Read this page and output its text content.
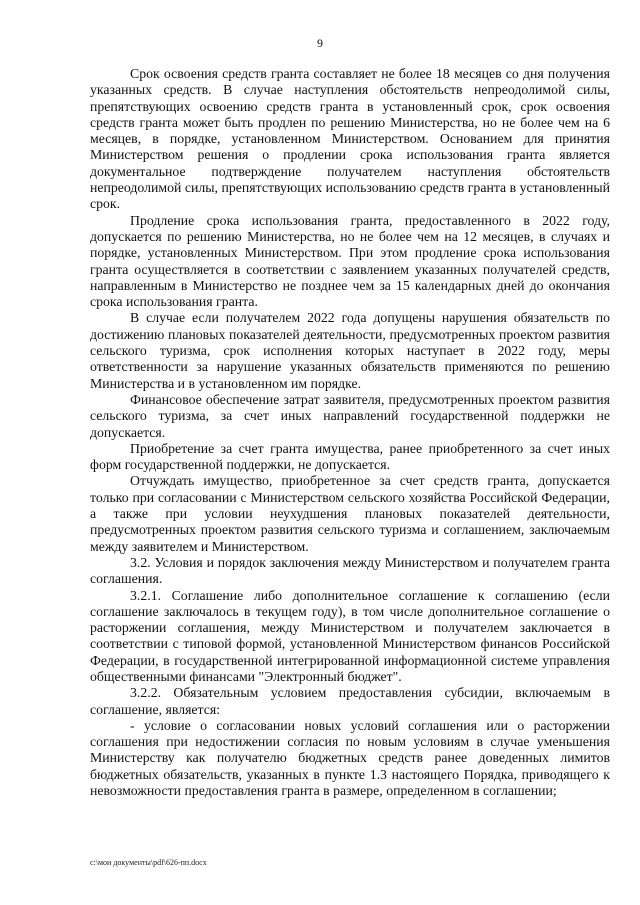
9

Срок освоения средств гранта составляет не более 18 месяцев со дня получения указанных средств. В случае наступления обстоятельств непреодолимой силы, препятствующих освоению средств гранта в установленный срок, срок освоения средств гранта может быть продлен по решению Министерства, но не более чем на 6 месяцев, в порядке, установленном Министерством. Основанием для принятия Министерством решения о продлении срока использования гранта является документальное подтверждение получателем наступления обстоятельств непреодолимой силы, препятствующих использованию средств гранта в установленный срок.

Продление срока использования гранта, предоставленного в 2022 году, допускается по решению Министерства, но не более чем на 12 месяцев, в случаях и порядке, установленных Министерством. При этом продление срока использования гранта осуществляется в соответствии с заявлением указанных получателей средств, направленным в Министерство не позднее чем за 15 календарных дней до окончания срока использования гранта.

В случае если получателем 2022 года допущены нарушения обязательств по достижению плановых показателей деятельности, предусмотренных проектом развития сельского туризма, срок исполнения которых наступает в 2022 году, меры ответственности за нарушение указанных обязательств применяются по решению Министерства и в установленном им порядке.

Финансовое обеспечение затрат заявителя, предусмотренных проектом развития сельского туризма, за счет иных направлений государственной поддержки не допускается.

Приобретение за счет гранта имущества, ранее приобретенного за счет иных форм государственной поддержки, не допускается.

Отчуждать имущество, приобретенное за счет средств гранта, допускается только при согласовании с Министерством сельского хозяйства Российской Федерации, а также при условии неухудшения плановых показателей деятельности, предусмотренных проектом развития сельского туризма и соглашением, заключаемым между заявителем и Министерством.

3.2. Условия и порядок заключения между Министерством и получателем гранта соглашения.

3.2.1. Соглашение либо дополнительное соглашение к соглашению (если соглашение заключалось в текущем году), в том числе дополнительное соглашение о расторжении соглашения, между Министерством и получателем заключается в соответствии с типовой формой, установленной Министерством финансов Российской Федерации, в государственной интегрированной информационной системе управления общественными финансами "Электронный бюджет".

3.2.2. Обязательным условием предоставления субсидии, включаемым в соглашение, является:

- условие о согласовании новых условий соглашения или о расторжении соглашения при недостижении согласия по новым условиям в случае уменьшения Министерству как получателю бюджетных средств ранее доведенных лимитов бюджетных обязательств, указанных в пункте 1.3 настоящего Порядка, приводящего к невозможности предоставления гранта в размере, определенном в соглашении;

c:\мои документы\pdf\626-пп.docx
